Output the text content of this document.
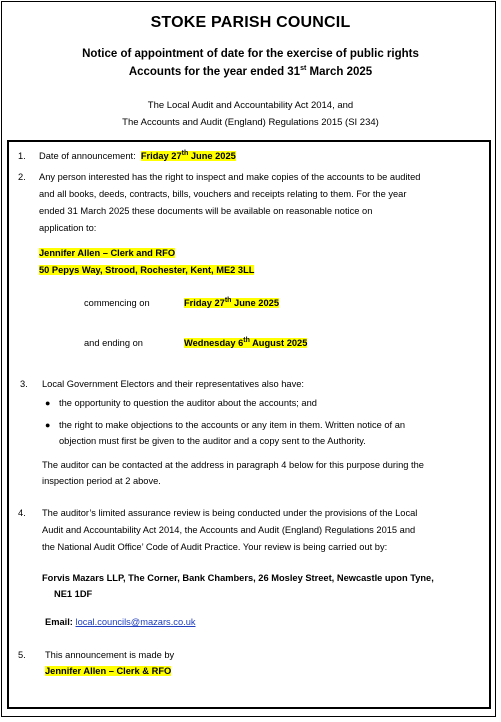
STOKE PARISH COUNCIL
Notice of appointment of date for the exercise of public rights
Accounts for the year ended 31st March 2025
The Local Audit and Accountability Act 2014, and
The Accounts and Audit (England) Regulations 2015 (SI 234)
1. Date of announcement: Friday 27th June 2025
2. Any person interested has the right to inspect and make copies of the accounts to be audited
and all books, deeds, contracts, bills, vouchers and receipts relating to them. For the year
ended 31 March 2025 these documents will be available on reasonable notice on
application to:
Jennifer Allen – Clerk and RFO
50 Pepys Way, Strood, Rochester, Kent, ME2 3LL
commencing on	Friday 27th June 2025
and ending on	Wednesday 6th August 2025
3. Local Government Electors and their representatives also have:
● the opportunity to question the auditor about the accounts; and
● the right to make objections to the accounts or any item in them. Written notice of an
objection must first be given to the auditor and a copy sent to the Authority.
The auditor can be contacted at the address in paragraph 4 below for this purpose during the
inspection period at 2 above.
4. The auditor’s limited assurance review is being conducted under the provisions of the Local
Audit and Accountability Act 2014, the Accounts and Audit (England) Regulations 2015 and
the National Audit Office’ Code of Audit Practice. Your review is being carried out by:
Forvis Mazars LLP, The Corner, Bank Chambers, 26 Mosley Street, Newcastle upon Tyne,
NE1 1DF
Email: local.councils@mazars.co.uk
5. This announcement is made by
Jennifer Allen – Clerk & RFO
